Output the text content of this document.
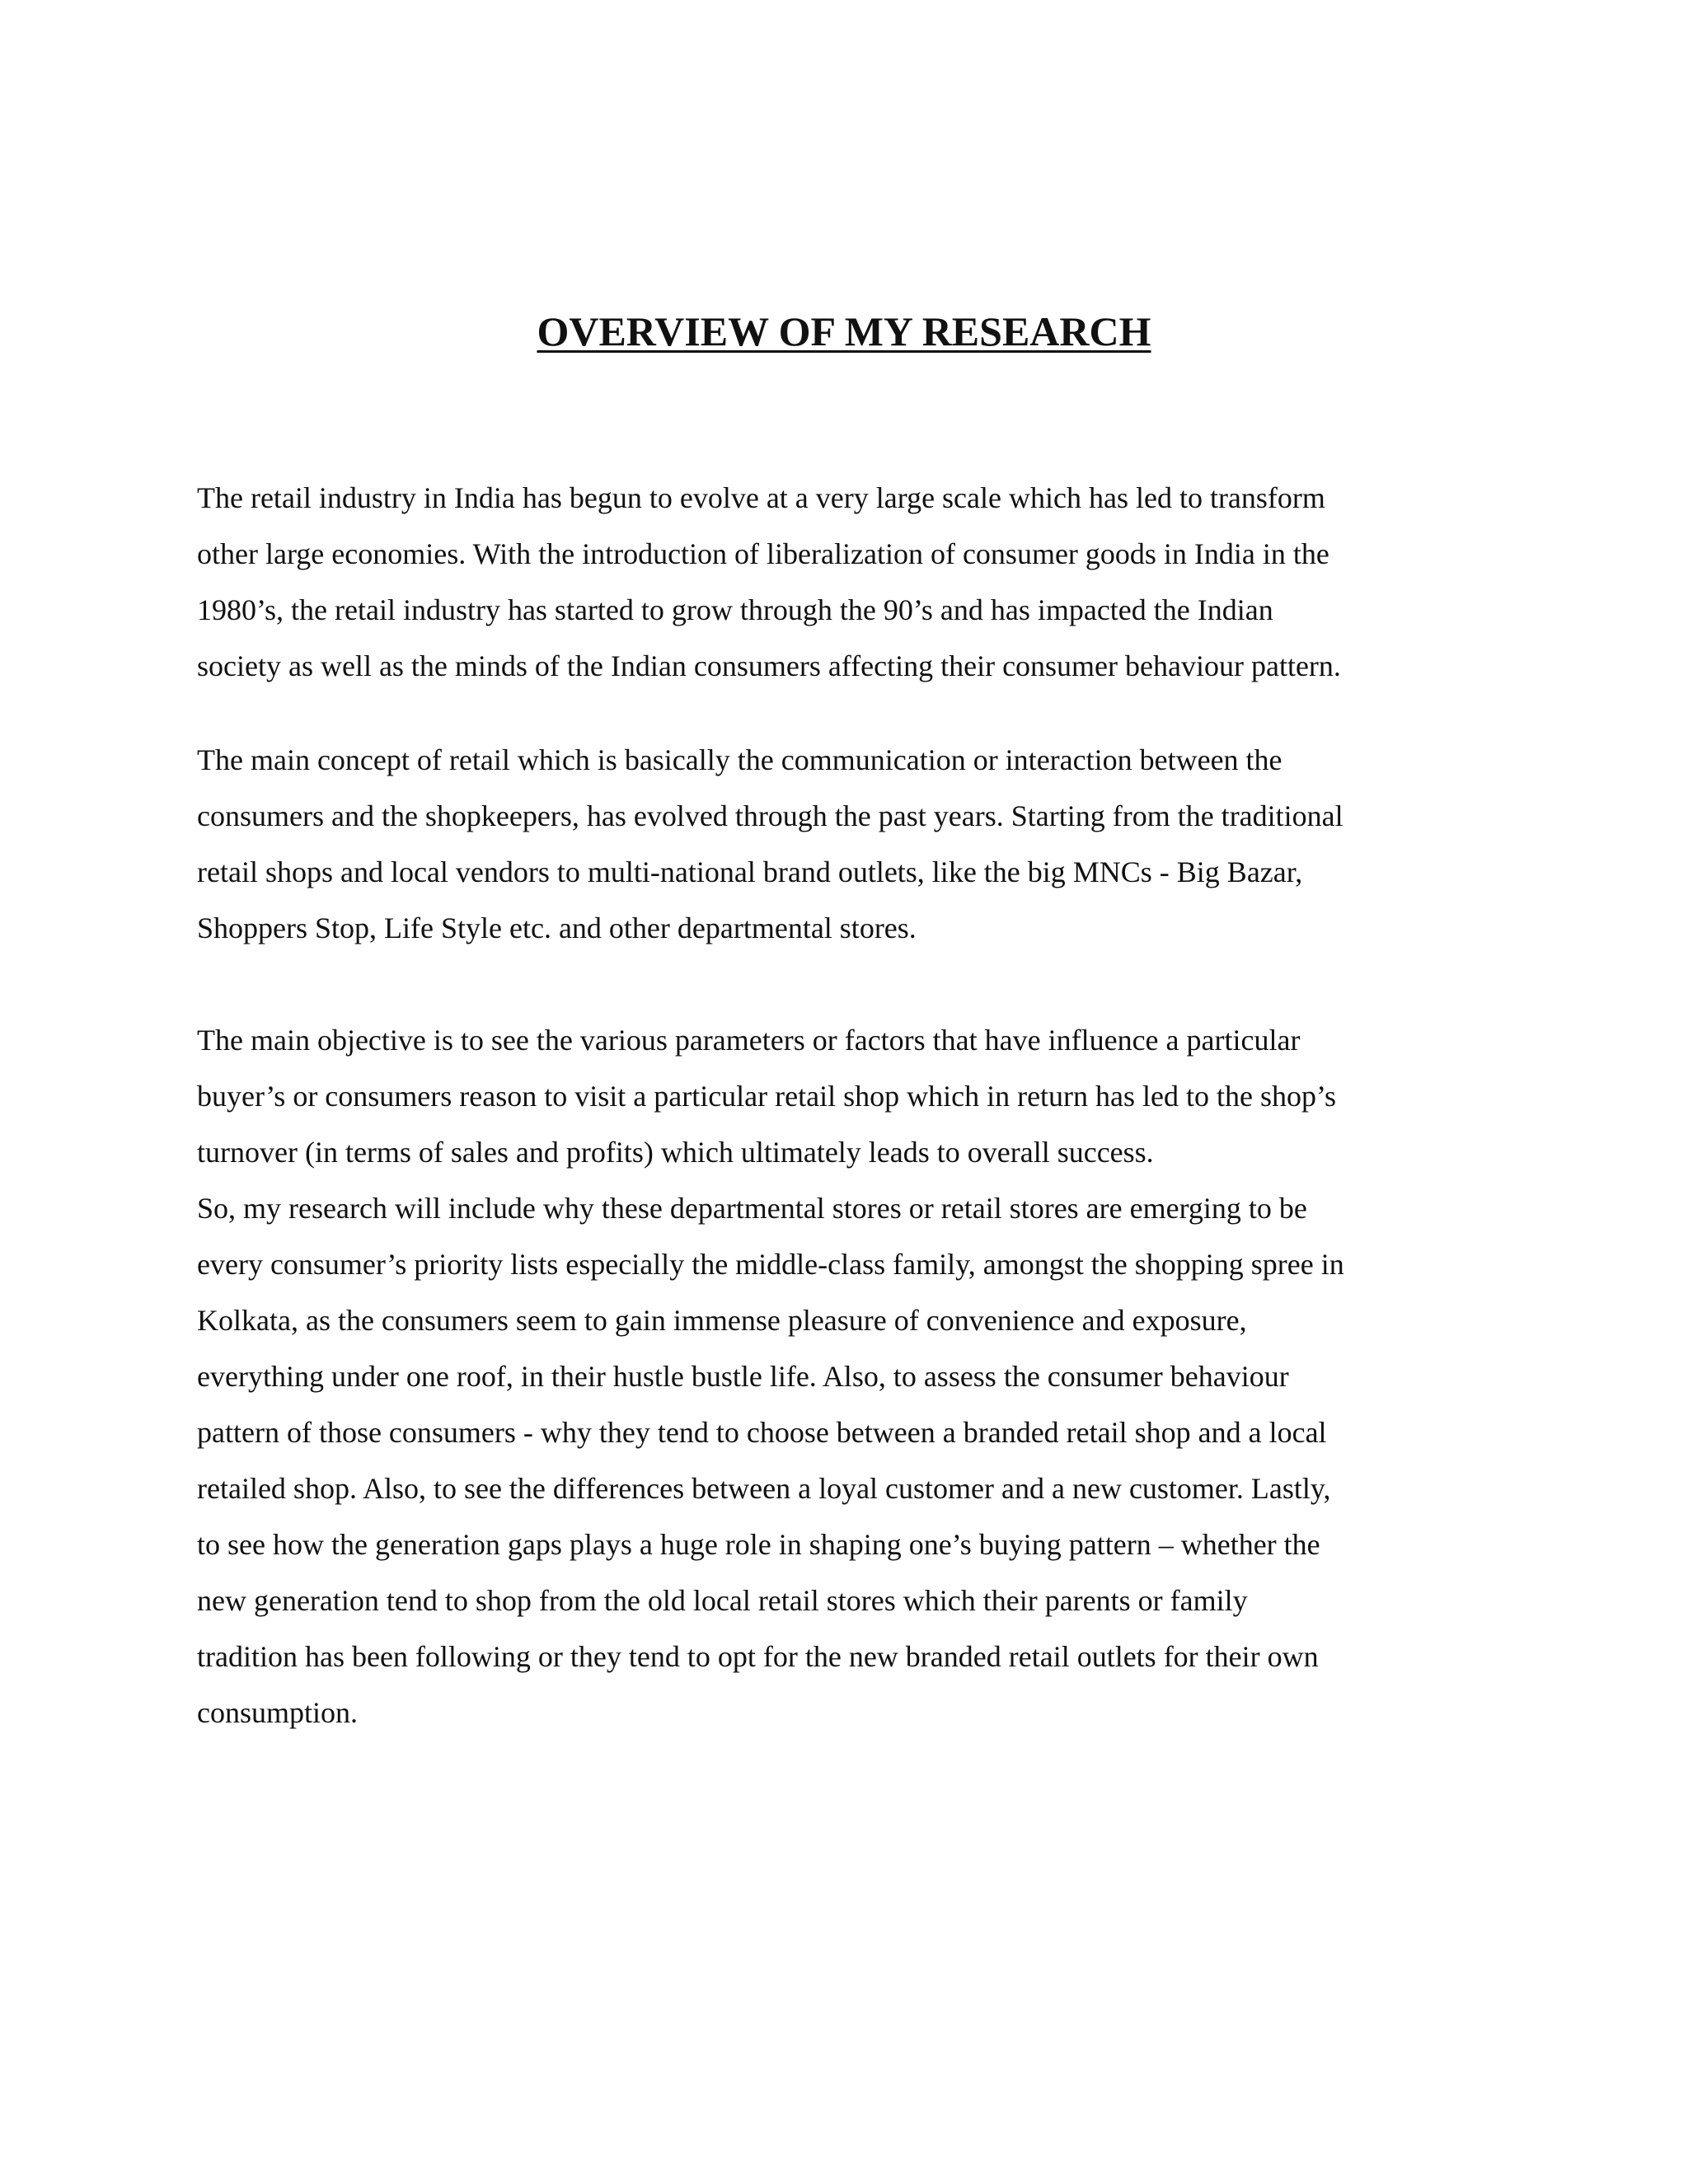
OVERVIEW OF MY RESEARCH

The retail industry in India has begun to evolve at a very large scale which has led to transform

other large economies. With the introduction of liberalization of consumer goods in India in the

1980’s, the retail industry has started to grow through the 90’s and has impacted the Indian

society as well as the minds of the Indian consumers affecting their consumer behaviour pattern.

The main concept of retail which is basically the communication or interaction between the

consumers and the shopkeepers, has evolved through the past years. Starting from the traditional

retail shops and local vendors to multi-national brand outlets, like the big MNCs - Big Bazar,

Shoppers Stop, Life Style etc. and other departmental stores.

The main objective is to see the various parameters or factors that have influence a particular

buyer’s or consumers reason to visit a particular retail shop which in return has led to the shop’s

turnover (in terms of sales and profits) which ultimately leads to overall success.

So, my research will include why these departmental stores or retail stores are emerging to be

every consumer’s priority lists especially the middle-class family, amongst the shopping spree in

Kolkata, as the consumers seem to gain immense pleasure of convenience and exposure,

everything under one roof, in their hustle bustle life. Also, to assess the consumer behaviour

pattern of those consumers - why they tend to choose between a branded retail shop and a local

retailed shop. Also, to see the differences between a loyal customer and a new customer. Lastly,

to see how the generation gaps plays a huge role in shaping one’s buying pattern – whether the

new generation tend to shop from the old local retail stores which their parents or family

tradition has been following or they tend to opt for the new branded retail outlets for their own

consumption.
